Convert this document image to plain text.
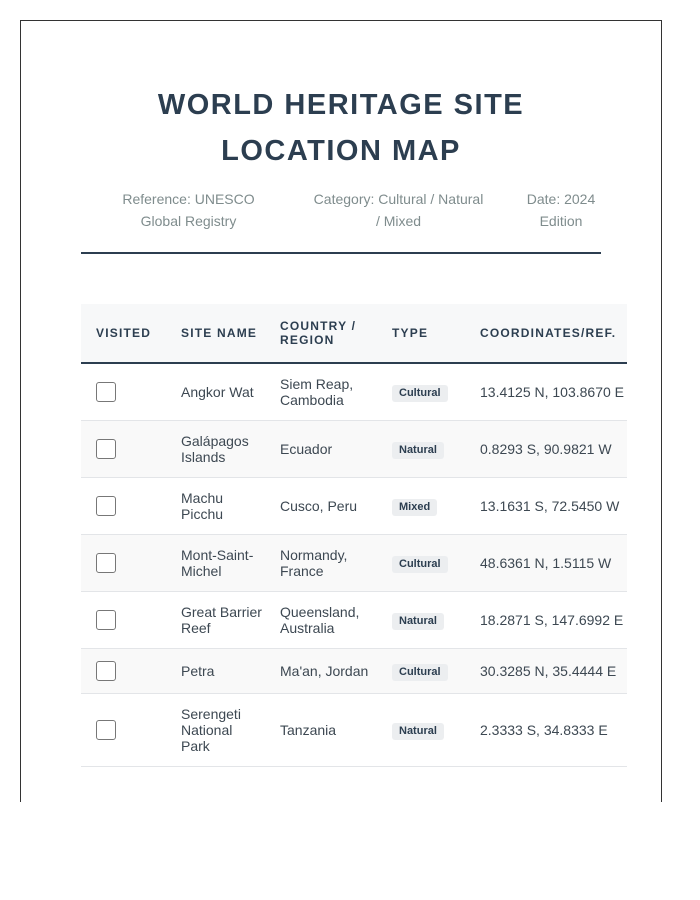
WORLD HERITAGE SITE
LOCATION MAP
Reference: UNESCO Global Registry
Category: Cultural / Natural / Mixed
Date: 2024 Edition
VISITED	SITE NAME	COUNTRY / REGION	TYPE	COORDINATES/REF.
	Angkor Wat	Siem Reap, Cambodia	Cultural	13.4125 N, 103.8670 E
	Galápagos Islands	Ecuador	Natural	0.8293 S, 90.9821 W
	Machu Picchu	Cusco, Peru	Mixed	13.1631 S, 72.5450 W
	Mont-Saint-Michel	Normandy, France	Cultural	48.6361 N, 1.5115 W
	Great Barrier Reef	Queensland, Australia	Natural	18.2871 S, 147.6992 E
	Petra	Ma'an, Jordan	Cultural	30.3285 N, 35.4444 E
	Serengeti National Park	Tanzania	Natural	2.3333 S, 34.8333 E
